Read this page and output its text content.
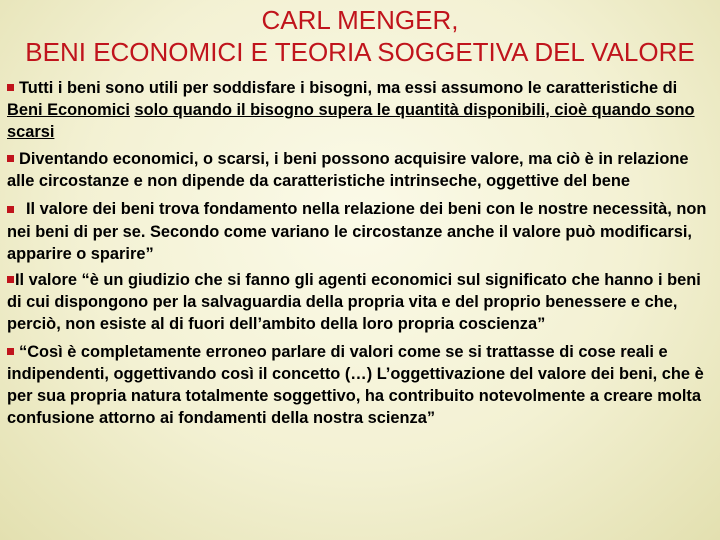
CARL MENGER,
BENI ECONOMICI E TEORIA SOGGETIVA DEL VALORE

Tutti i beni sono utili per soddisfare i bisogni, ma essi assumono le caratteristiche di Beni Economici solo quando il bisogno supera le quantità disponibili, cioè quando sono scarsi

Diventando economici, o scarsi, i beni possono acquisire valore, ma ciò è in relazione alle circostanze e non dipende da caratteristiche intrinseche, oggettive del bene

Il valore dei beni trova fondamento nella relazione dei beni con le nostre necessità, non nei beni di per se. Secondo come variano le circostanze anche il valore può modificarsi, apparire o sparire”

Il valore “è un giudizio che si fanno gli agenti economici sul significato che hanno i beni di cui dispongono per la salvaguardia della propria vita e del proprio benessere e che, perciò, non esiste al di fuori dell’ambito della loro propria coscienza”

“Così è completamente erroneo parlare di valori come se si trattasse di cose reali e indipendenti, oggettivando così il concetto (…) L’oggettivazione del valore dei beni, che è per sua propria natura totalmente soggettivo, ha contribuito notevolmente a creare molta confusione attorno ai fondamenti della nostra scienza”
